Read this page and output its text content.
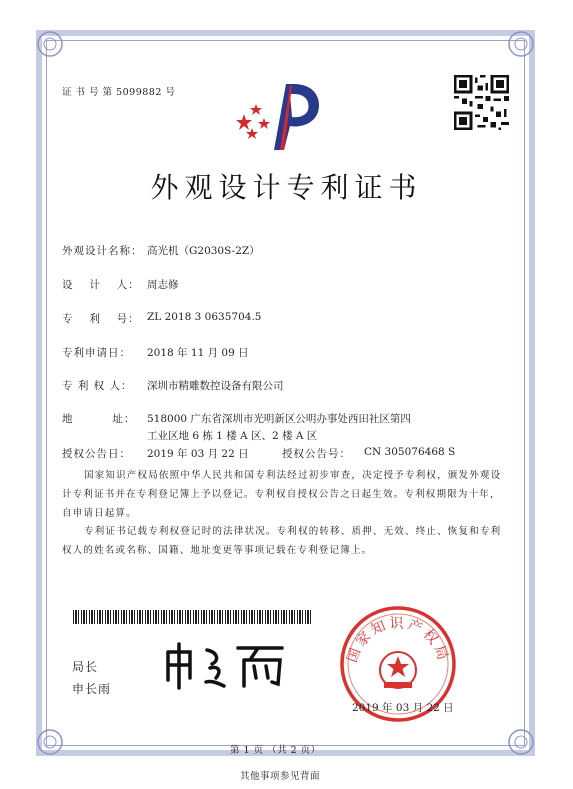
证 书 号 第 5099882 号
外观设计专利证书
外观设计名称： 高光机（G2030S-2Z）
设　 计　 人： 周志修
专　 利　 号： ZL 2018 3 0635704.5
专利申请日： 2018 年 11 月 09 日
专 利 权 人： 深圳市精雕数控设备有限公司
地　　　 址： 518000 广东省深圳市光明新区公明办事处西田社区第四
工业区地 6 栋 1 楼 A 区、2 楼 A 区
授权公告日： 2019 年 03 月 22 日	授权公告号： CN 305076468 S
国家知识产权局依照中华人民共和国专利法经过初步审查，决定授予专利权，颁发外观设计专利证书并在专利登记簿上予以登记。专利权自授权公告之日起生效。专利权期限为十年，自申请日起算。
专利证书记载专利权登记时的法律状况。专利权的转移、质押、无效、终止、恢复和专利权人的姓名或名称、国籍、地址变更等事项记载在专利登记簿上。
局长
申长雨
国家知识产权局
2019 年 03 月 22 日
第 1 页 （共 2 页）
其他事项参见背面
